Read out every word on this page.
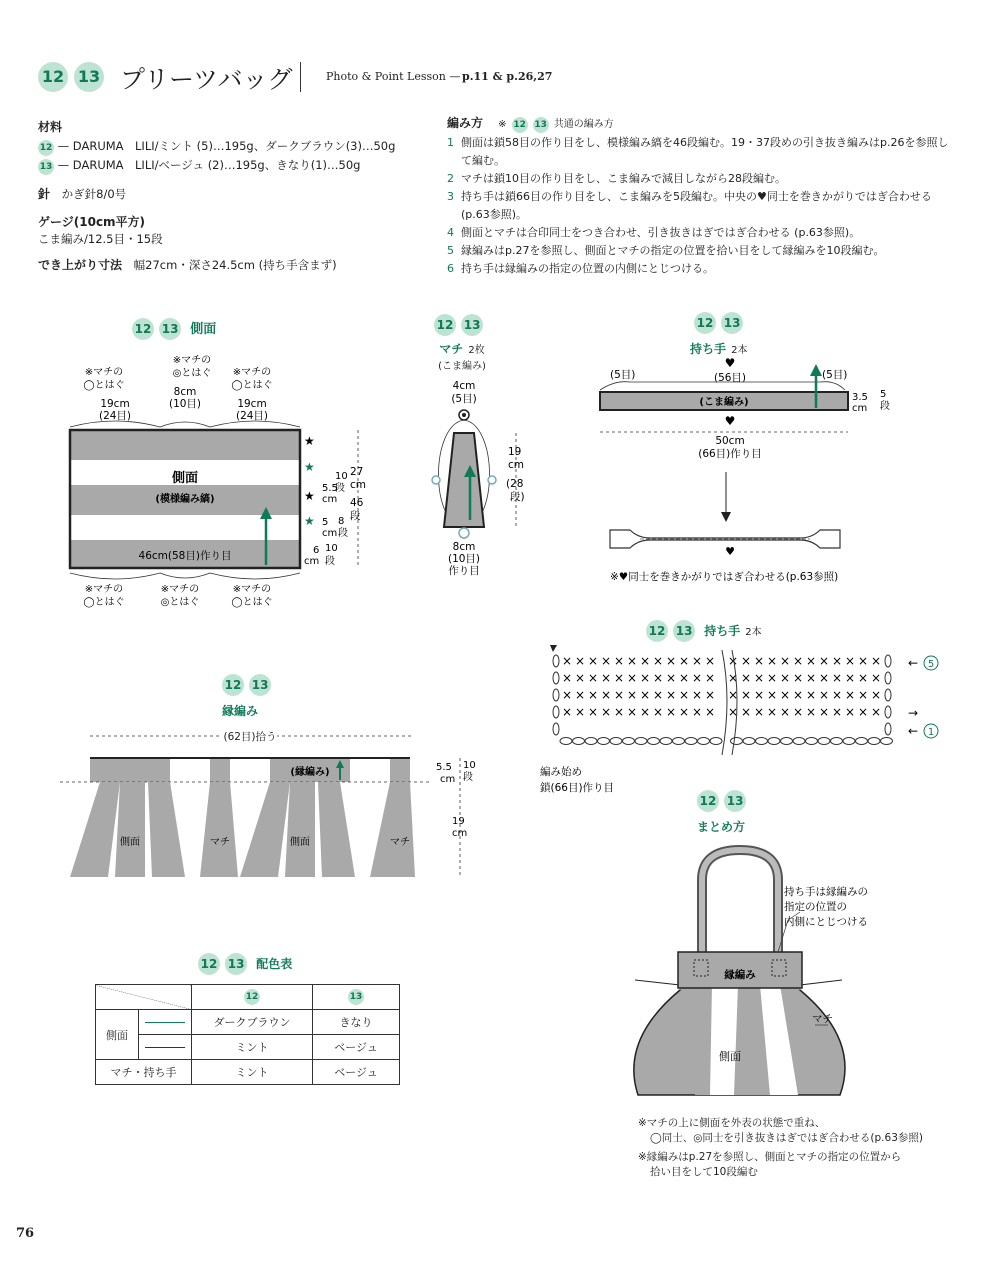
12 13 プリーツバッグ	Photo & Point Lesson — p.11 & p.26,27
材料
12 — DARUMA　LILI/ミント (5)…195g、ダークブラウン(3)…50g
13 — DARUMA　LILI/ベージュ (2)…195g、きなり(1)…50g
針 かぎ針8/0号
ゲージ(10cm平方)
こま編み/12.5目・15段
でき上がり寸法 幅27cm・深さ24.5cm (持ち手含まず)
編み方 ※ 12 13 共通の編み方
1 側面は鎖58目の作り目をし、模様編み縞を46段編む。19・37段めの引き抜き編みはp.26を参照して編む。
2 マチは鎖10目の作り目をし、こま編みで減目しながら28段編む。
3 持ち手は鎖66目の作り目をし、こま編みを5段編む。中央の♥同士を巻きかがりではぎ合わせる (p.63参照)。
4 側面とマチは合印同士をつき合わせ、引き抜きはぎではぎ合わせる (p.63参照)。
5 縁編みはp.27を参照し、側面とマチの指定の位置を拾い目をして縁編みを10段編む。
6 持ち手は縁編みの指定の位置の内側にとじつける。
12 13 側面
※マチの
◯とはぐ
※マチの
◎とはぐ ※マチの
◯とはぐ
19cm
(24目)
8cm
(10目)	19cm
(24目)
側面
(模様編み縞)
46cm(58目)作り目
★
★
★
★
5.5
cm
10
段
5
cm
8
段
6
cm
10
段
27
cm
46
段
※マチの
◯とはぐ
※マチの
◎とはぐ
※マチの
◯とはぐ
12 13
マチ 2枚
(こま編み)
4cm
(5目)
8cm
(10目)
作り目
19
cm
(28
段)
12 13
持ち手 2本
♥
(56目)
(5目)	(5目)
(こま編み)	3.5
cm
5
段
♥
50cm
(66目)作り目
♥
※♥同士を巻きかがりではぎ合わせる(p.63参照)
12 13 持ち手 2本
← 5
→
← 1
編み始め
鎖(66目)作り目
× × × × × × × × × × × × × × × × × × × × × × × ×
× × × × × × × × × × × × × × × × × × × × × × × ×
× × × × × × × × × × × × × × × × × × × × × × × ×
× × × × × × × × × × × × × × × × × × × × × × × ×
12 13
縁編み
(62目)拾う
(縁編み)
側面	マチ	側面	マチ
5.5
cm
10
段
19
cm
12 13 配色表
		12	13
側面		ダークブラウン	きなり

		ミント	ベージュ
マチ・持ち手		ミント	ベージュ
12 13
まとめ方
縁編み
側面
持ち手は縁編みの
指定の位置の
内側にとじつける
マチ
※マチの上に側面を外表の状態で重ね、
◯同士、◎同士を引き抜きはぎではぎ合わせる(p.63参照)
※縁編みはp.27を参照し、側面とマチの指定の位置から
拾い目をして10段編む
76
